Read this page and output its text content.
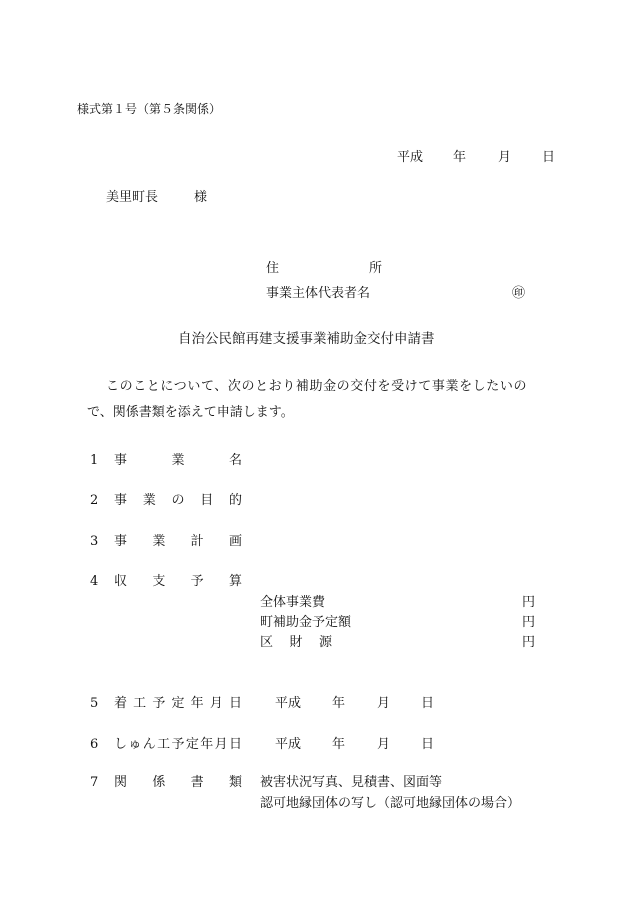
様式第１号（第５条関係）
平成 年 月 日
美里町長	様
住所
事業主体代表者名	㊞
自治公民館再建支援事業補助金交付申請書
このことについて、次のとおり補助金の交付を受けて事業をしたいの
で、関係書類を添えて申請します。
1 事業名
2 事業の目的
3 事業計画
4 収支予算
全体事業費	円
町補助金予定額	円
区財源	円
5 着工予定年月日	平成 年 月 日
6 しゅん工予定年月日	平成 年 月 日
7 関係書類 被害状況写真、見積書、図面等
認可地縁団体の写し（認可地縁団体の場合）
